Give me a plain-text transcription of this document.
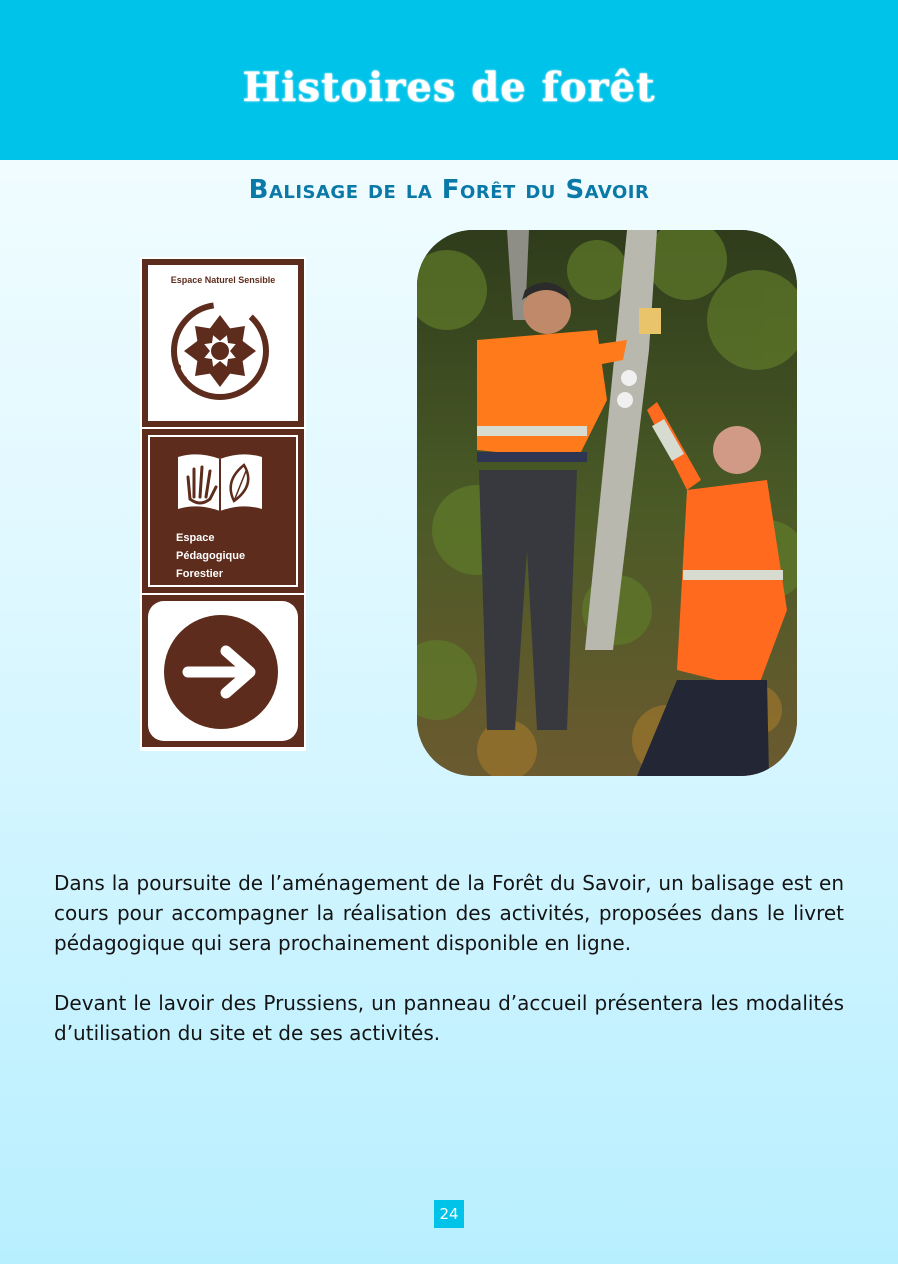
Histoires de forêt
Balisage de la Forêt du Savoir
Espace Naturel Sensible
Espace
Pédagogique
Forestier

Dans la poursuite de l’aménagement de la Forêt du Savoir, un balisage est en cours pour accompagner la réalisation des activités, proposées dans le livret pédagogique qui sera prochainement disponible en ligne.

Devant le lavoir des Prussiens, un panneau d’accueil présentera les modalités d’utilisation du site et de ses activités.

24
